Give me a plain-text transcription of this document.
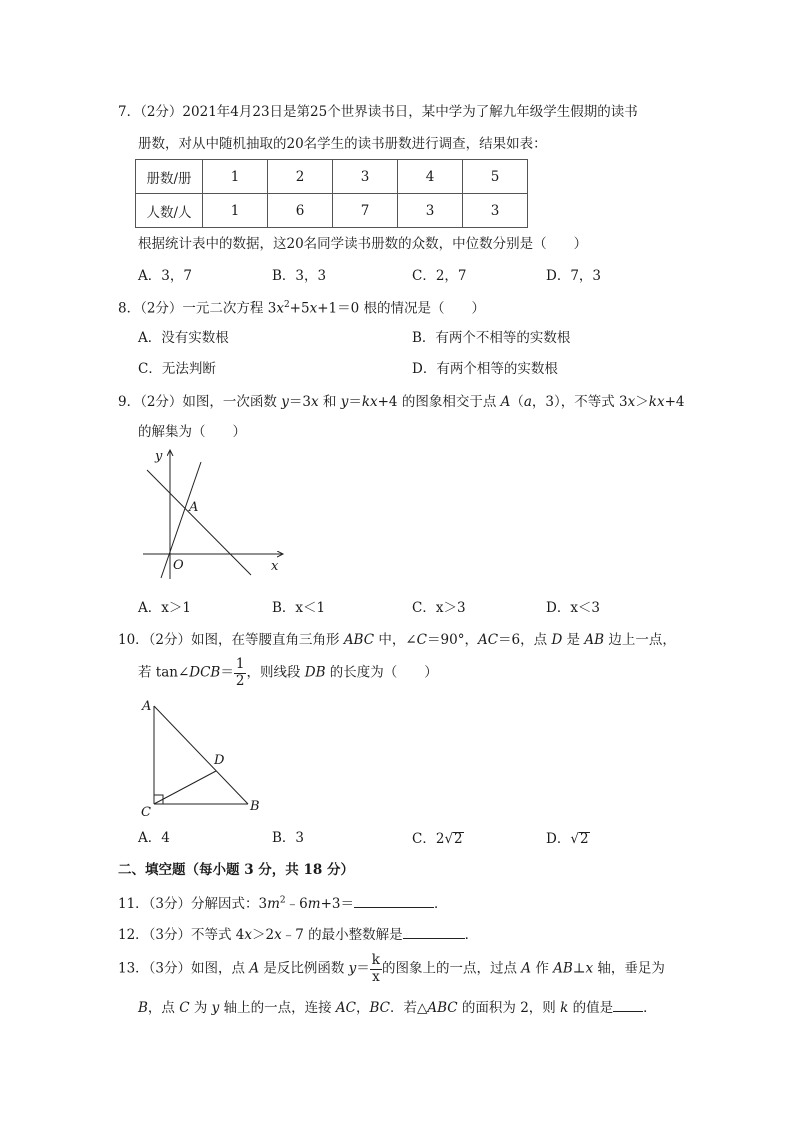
7．（2分）2021年4月23日是第25个世界读书日，某中学为了解九年级学生假期的读书
册数，对从中随机抽取的20名学生的读书册数进行调查，结果如表：
册数/册	1	2	3	4	5
人数/人	1	6	7	3	3
根据统计表中的数据，这20名同学读书册数的众数，中位数分别是（　　）
A．3，7	B．3，3	C．2，7	D．7，3
8．（2分）一元二次方程 $3x^2+5x+1=0$ 根的情况是（　　）
A．没有实数根	B．有两个不相等的实数根
C．无法判断	D．有两个相等的实数根
9．（2分）如图，一次函数 y＝3x 和 y＝kx+4 的图象相交于点 A（a，3），不等式 3x＞kx+4
的解集为（　　）
y
x
O
A
A．x＞1	B．x＜1	C．x＞3	D．x＜3
10．（2分）如图，在等腰直角三角形 ABC 中，∠C＝90°，AC＝6，点 D 是 AB 边上一点，
若 tan∠DCB＝ $\frac{1}{2}$ ，则线段 DB 的长度为（　　）
A
B
C
D
A．4	B．3	C．2√2	D．√2
二、填空题（每小题 3 分，共 18 分）
11．（3分）分解因式：$3m^2﹣6m+3=$	．
12．（3分）不等式 4x＞2x﹣7 的最小整数解是	．
13．（3分）如图，点 A 是反比例函数 $y= \frac{k}{x}$ 的图象上的一点，过点 A 作 AB⊥x 轴，垂足为
B，点 C 为 y 轴上的一点，连接 AC，BC．若△ABC 的面积为 2，则 k 的值是 ．
